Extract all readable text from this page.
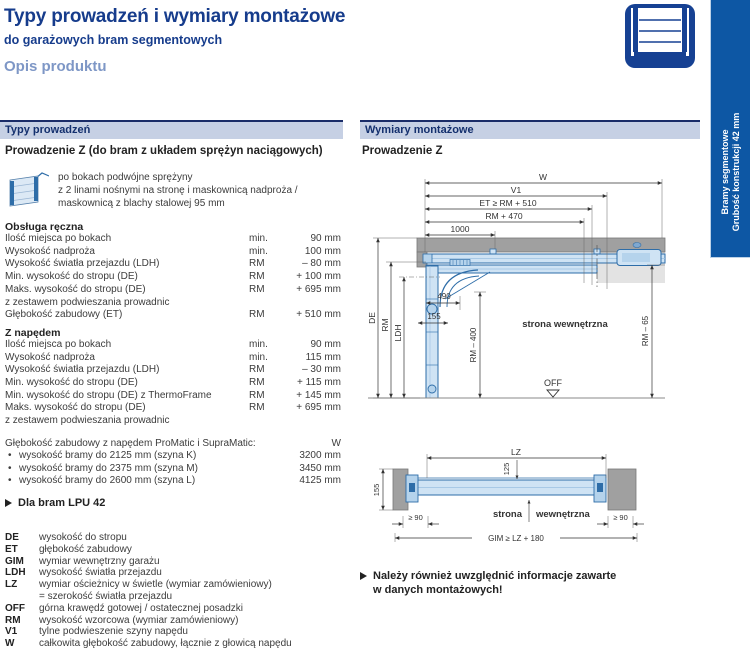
Typy prowadzeń i wymiary montażowe
do garażowych bram segmentowych
Opis produktu
Bramy segmentowe Grubość konstrukcji 42 mm
Typy prowadzeń
Prowadzenie Z (do bram z układem sprężyn naciągowych)
po bokach podwójne sprężyny
z 2 linami nośnymi na stronę i maskownicą nadproża /
maskownicą z blachy stalowej 95 mm
Obsługa ręczna
Ilość miejsca po bokach	min.	90 mm
Wysokość nadproża	min.	100 mm
Wysokość światła przejazdu (LDH)	RM	– 80 mm
Min. wysokość do stropu (DE)	RM	+ 100 mm
Maks. wysokość do stropu (DE)	RM	+ 695 mm
z zestawem podwieszania prowadnic
Głębokość zabudowy (ET)	RM	+ 510 mm
Z napędem
Ilość miejsca po bokach	min.	90 mm
Wysokość nadproża	min.	115 mm
Wysokość światła przejazdu (LDH)	RM	– 30 mm
Min. wysokość do stropu (DE)	RM	+ 115 mm
Min. wysokość do stropu (DE) z ThermoFrame	RM	+ 145 mm
Maks. wysokość do stropu (DE)	RM	+ 695 mm
z zestawem podwieszania prowadnic
Głębokość zabudowy z napędem ProMatic i SupraMatic:	W
•
wysokość bramy do 2125 mm (szyna K)	3200 mm
•
wysokość bramy do 2375 mm (szyna M)	3450 mm
•
wysokość bramy do 2600 mm (szyna L)	4125 mm
Dla bram LPU 42
DE	wysokość do stropu
ET	głębokość zabudowy
GIM	wymiar wewnętrzny garażu
LDH	wysokość światła przejazdu
LZ	wymiar ościeżnicy w świetle (wymiar zamówieniowy)
= szerokość światła przejazdu
OFF	górna krawędź gotowej / ostatecznej posadzki
RM	wysokość wzorcowa (wymiar zamówieniowy)
V1	tylne podwieszenie szyny napędu
W	całkowita głębokość zabudowy, łącznie z głowicą napędu
Wymiary montażowe
Prowadzenie Z
W
V1
ET ≥ RM + 510
RM + 470
1000
DE
RM LDH
490
155
RM – 400	RM – 65
strona wewnętrzna
OFF
LZ
125
155
strona wewnętrzna
≥ 90	≥ 90
GIM ≥ LZ + 180
Należy również uwzględnić informacje zawarte
w danych montażowych!
